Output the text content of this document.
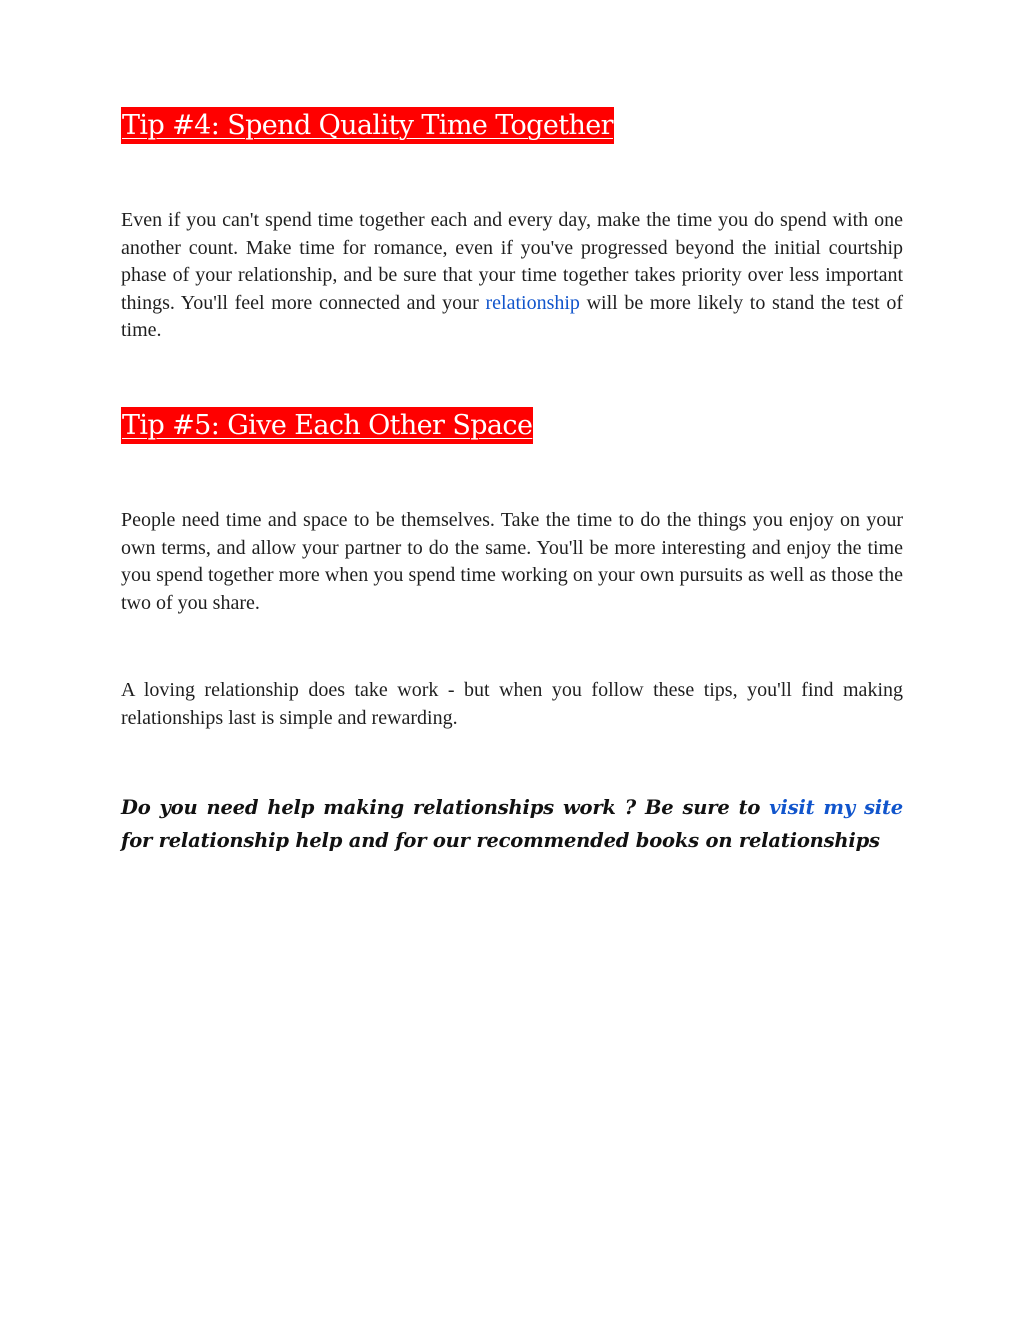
Tip #4: Spend Quality Time Together

Even if you can't spend time together each and every day, make the time you do spend with one another count. Make time for romance, even if you've progressed beyond the initial courtship phase of your relationship, and be sure that your time together takes priority over less important things. You'll feel more connected and your relationship will be more likely to stand the test of time.

Tip #5: Give Each Other Space

People need time and space to be themselves. Take the time to do the things you enjoy on your own terms, and allow your partner to do the same. You'll be more interesting and enjoy the time you spend together more when you spend time working on your own pursuits as well as those the two of you share.

A loving relationship does take work - but when you follow these tips, you'll find making relationships last is simple and rewarding.

Do you need help making relationships work ? Be sure to visit my site for relationship help and for our recommended books on relationships
